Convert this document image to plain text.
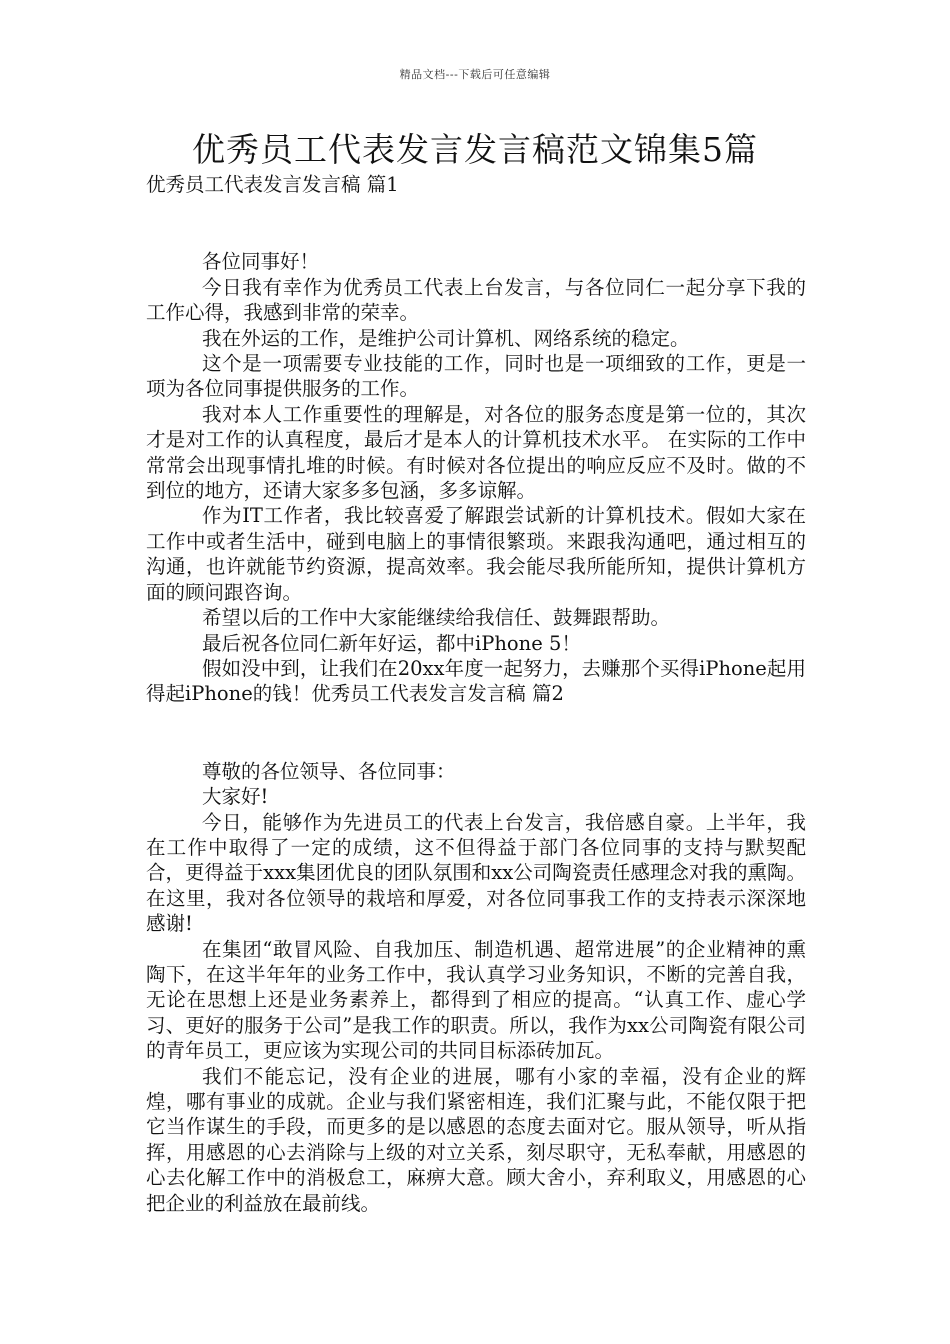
精品文档---下载后可任意编辑
优秀员工代表发言发言稿范文锦集5篇

优秀员工代表发言发言稿 篇1

各位同事好！

今日我有幸作为优秀员工代表上台发言，与各位同仁一起分享下我的工作心得，我感到非常的荣幸。

我在外运的工作，是维护公司计算机、网络系统的稳定。

这个是一项需要专业技能的工作，同时也是一项细致的工作，更是一项为各位同事提供服务的工作。

我对本人工作重要性的理解是，对各位的服务态度是第一位的，其次才是对工作的认真程度，最后才是本人的计算机技术水平。 在实际的工作中常常会出现事情扎堆的时候。有时候对各位提出的响应反应不及时。做的不到位的地方，还请大家多多包涵，多多谅解。

作为IT工作者，我比较喜爱了解跟尝试新的计算机技术。假如大家在工作中或者生活中，碰到电脑上的事情很繁琐。来跟我沟通吧，通过相互的沟通，也许就能节约资源，提高效率。我会能尽我所能所知，提供计算机方面的顾问跟咨询。

希望以后的工作中大家能继续给我信任、鼓舞跟帮助。

最后祝各位同仁新年好运，都中iPhone 5！

假如没中到，让我们在20xx年度一起努力，去赚那个买得iPhone起用得起iPhone的钱！优秀员工代表发言发言稿 篇2

尊敬的各位领导、各位同事：

大家好!

今日，能够作为先进员工的代表上台发言，我倍感自豪。上半年，我在工作中取得了一定的成绩，这不但得益于部门各位同事的支持与默契配合，更得益于xxx集团优良的团队氛围和xx公司陶瓷责任感理念对我的熏陶。在这里，我对各位领导的栽培和厚爱，对各位同事我工作的支持表示深深地感谢!

在集团“敢冒风险、自我加压、制造机遇、超常进展”的企业精神的熏陶下，在这半年年的业务工作中，我认真学习业务知识，不断的完善自我，无论在思想上还是业务素养上，都得到了相应的提高。“认真工作、虚心学习、更好的服务于公司”是我工作的职责。所以，我作为xx公司陶瓷有限公司的青年员工，更应该为实现公司的共同目标添砖加瓦。

我们不能忘记，没有企业的进展，哪有小家的幸福，没有企业的辉煌，哪有事业的成就。企业与我们紧密相连，我们汇聚与此，不能仅限于把它当作谋生的手段，而更多的是以感恩的态度去面对它。服从领导，听从指挥，用感恩的心去消除与上级的对立关系，刻尽职守，无私奉献，用感恩的心去化解工作中的消极怠工，麻痹大意。顾大舍小，弃利取义，用感恩的心把企业的利益放在最前线。
